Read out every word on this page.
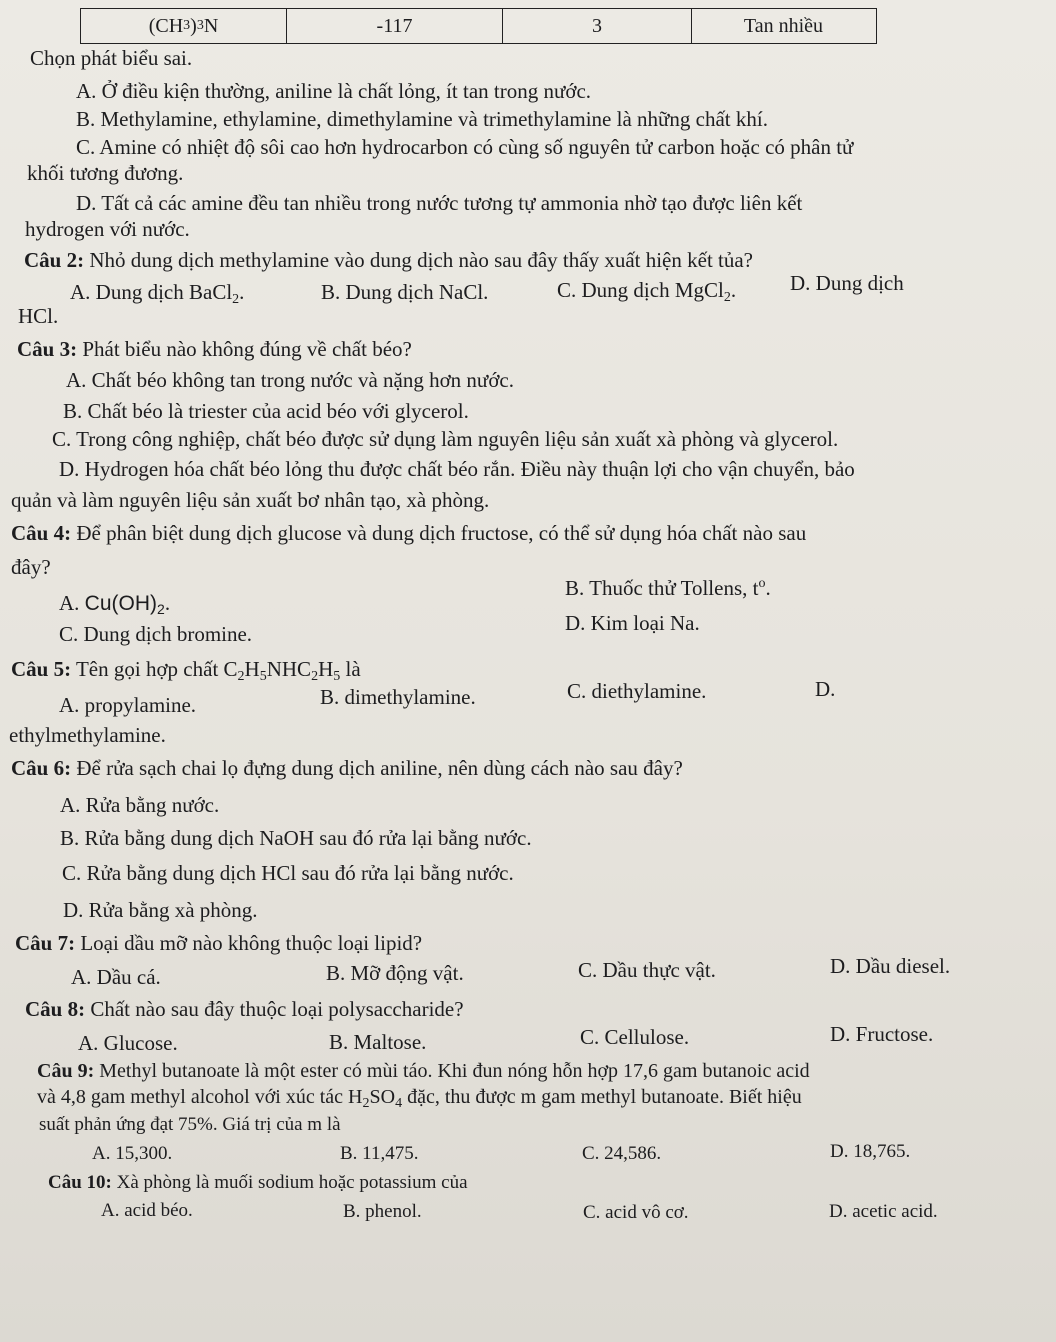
(CH 3 ) 3 N	-117	3	Tan nhiều
Chọn phát biểu sai.
A. Ở điều kiện thường, aniline là chất lỏng, ít tan trong nước.
B. Methylamine, ethylamine, dimethylamine và trimethylamine là những chất khí.
C. Amine có nhiệt độ sôi cao hơn hydrocarbon có cùng số nguyên tử carbon hoặc có phân tử
khối tương đương.
D. Tất cả các amine đều tan nhiều trong nước tương tự ammonia nhờ tạo được liên kết
hydrogen với nước.
Câu 2: Nhỏ dung dịch methylamine vào dung dịch nào sau đây thấy xuất hiện kết tủa?
A. Dung dịch BaCl$_2$.	B. Dung dịch NaCl.	C. Dung dịch MgCl$_2$.	D. Dung dịch
HCl.
Câu 3: Phát biểu nào không đúng về chất béo?
A. Chất béo không tan trong nước và nặng hơn nước.
B. Chất béo là triester của acid béo với glycerol.
C. Trong công nghiệp, chất béo được sử dụng làm nguyên liệu sản xuất xà phòng và glycerol.
D. Hydrogen hóa chất béo lỏng thu được chất béo rắn. Điều này thuận lợi cho vận chuyển, bảo
quản và làm nguyên liệu sản xuất bơ nhân tạo, xà phòng.
Câu 4: Để phân biệt dung dịch glucose và dung dịch fructose, có thể sử dụng hóa chất nào sau
đây?
A. $Cu(OH)_2$.
B. Thuốc thử Tollens, $t^o$.
C. Dung dịch bromine.	D. Kim loại Na.
Câu 5: Tên gọi hợp chất $C_2H_5NHC_2H_5$ là
A. propylamine.	B. dimethylamine.	C. diethylamine.	D.
ethylmethylamine.
Câu 6: Để rửa sạch chai lọ đựng dung dịch aniline, nên dùng cách nào sau đây?
A. Rửa bằng nước.
B. Rửa bằng dung dịch NaOH sau đó rửa lại bằng nước.
C. Rửa bằng dung dịch HCl sau đó rửa lại bằng nước.
D. Rửa bằng xà phòng.
Câu 7: Loại dầu mỡ nào không thuộc loại lipid?
A. Dầu cá.	B. Mỡ động vật.	C. Dầu thực vật.	D. Dầu diesel.
Câu 8: Chất nào sau đây thuộc loại polysaccharide?
A. Glucose.	B. Maltose.	C. Cellulose.	D. Fructose.
Câu 9: Methyl butanoate là một ester có mùi táo. Khi đun nóng hỗn hợp 17,6 gam butanoic acid
và 4,8 gam methyl alcohol với xúc tác $H_2SO_4$ đặc, thu được m gam methyl butanoate. Biết hiệu
suất phản ứng đạt 75%. Giá trị của m là
A. 15,300.	B. 11,475.	C. 24,586.	D. 18,765.
Câu 10: Xà phòng là muối sodium hoặc potassium của
A. acid béo.	B. phenol.	C. acid vô cơ.	D. acetic acid.
